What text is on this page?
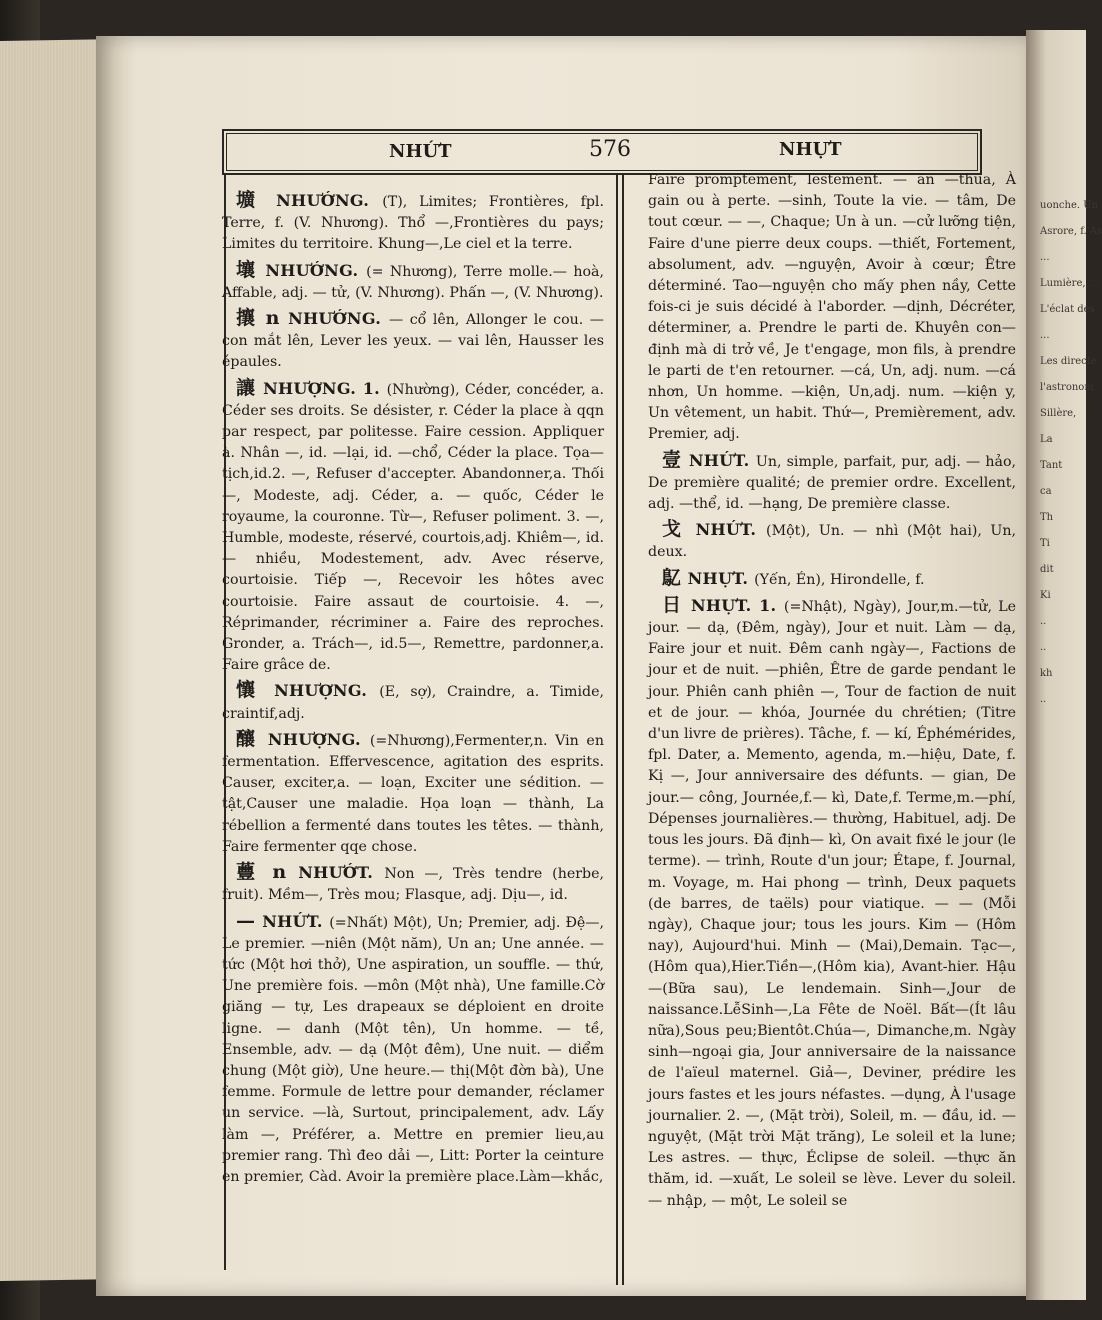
uonche. Un
Asrore, f. As
...
Lumière, ...
L'éclat des
...
Les directe
l'astronom
Sillère,
La
Tant
ca
Th
Ti
dit
Ki
..
..
kh
..
NHỨT	576	NHỰT

壙 NHƯỚNG. (T), Limites; Frontières, fpl. Terre, f. (V. Nhương). Thổ —,Frontières du pays; Limites du territoire. Khung—,Le ciel et la terre.

壤 NHƯỚNG. (= Nhương), Terre molle.— hoà, Affable, adj. — tử, (V. Nhương). Phấn —, (V. Nhương).

攘 n NHƯỚNG. — cổ lên, Allonger le cou. — con mắt lên, Lever les yeux. — vai lên, Hausser les épaules.

讓 NHƯỢNG. 1. (Nhường), Céder, concéder, a. Céder ses droits. Se désister, r. Céder la place à qqn par respect, par politesse. Faire cession. Appliquer à. Nhân —, id. —lại, id. —chổ, Céder la place. Tọa— tịch,id.2. —, Refuser d'accepter. Abandonner,a. Thối—, Modeste, adj. Céder, a. — quốc, Céder le royaume, la couronne. Từ—, Refuser poliment. 3. —, Humble, modeste, réservé, courtois,adj. Khiêm—, id. — nhiều, Modestement, adv. Avec réserve, courtoisie. Tiếp —, Recevoir les hôtes avec courtoisie. Faire assaut de courtoisie. 4. —, Réprimander, récriminer a. Faire des reproches. Gronder, a. Trách—, id.5—, Remettre, pardonner,a. Faire grâce de.

懹 NHƯỢNG. (E, sợ), Craindre, a. Timide, craintif,adj.

釀 NHƯỢNG. (=Nhương),Fermenter,n. Vin en fermentation. Effervescence, agitation des esprits. Causer, exciter,a. — loạn, Exciter une sédition. —tật,Causer une maladie. Họa loạn — thành, La rébellion a fermenté dans toutes les têtes. — thành, Faire fermenter qqe chose.

蘴 n NHƯỚT. Non —, Très tendre (herbe, fruit). Mềm—, Très mou; Flasque, adj. Dịu—, id.

— NHỨT. (=Nhất) Một), Un; Premier, adj. Đệ—, Le premier. —niên (Một năm), Un an; Une année. — tức (Một hơi thở), Une aspiration, un souffle. — thứ, Une première fois. —môn (Một nhà), Une famille.Cờ giăng — tự, Les drapeaux se déploient en droite ligne. — danh (Một tên), Un homme. — tề, Ensemble, adv. — dạ (Một đêm), Une nuit. — diểm chung (Một giờ), Une heure.— thị(Một đờn bà), Une femme. Formule de lettre pour demander, réclamer un service. —là, Surtout, principalement, adv. Lấy làm —, Préférer, a. Mettre en premier lieu,au premier rang. Thì đeo dải —, Litt: Porter la ceinture en premier, Càd. Avoir la première place.Làm—khắc,

Faire promptement, lestement. — ăn —thua, À gain ou à perte. —sinh, Toute la vie. — tâm, De tout cœur. — —, Chaque; Un à un. —cử lưỡng tiện, Faire d'une pierre deux coups. —thiết, Fortement, absolument, adv. —nguyện, Avoir à cœur; Être déterminé. Tao—nguyện cho mấy phen nầy, Cette fois-ci je suis décidé à l'aborder. —dịnh, Décréter, déterminer, a. Prendre le parti de. Khuyên con—định mà di trở về, Je t'engage, mon fils, à prendre le parti de t'en retourner. —cá, Un, adj. num. —cá nhơn, Un homme. —kiện, Un,adj. num. —kiện y, Un vêtement, un habit. Thứ—, Premièrement, adv. Premier, adj.

壹 NHỨT. Un, simple, parfait, pur, adj. — hảo, De première qualité; de premier ordre. Excellent, adj. —thể, id. —hạng, De première classe.

戈 NHỨT. (Một), Un. — nhì (Một hai), Un, deux.

鳦 NHỰT. (Yến, Én), Hirondelle, f.

日 NHỰT. 1. (=Nhật), Ngày), Jour,m.—tử, Le jour. — dạ, (Đêm, ngày), Jour et nuit. Làm — dạ, Faire jour et nuit. Đêm canh ngày—, Factions de jour et de nuit. —phiên, Être de garde pendant le jour. Phiên canh phiên —, Tour de faction de nuit et de jour. — khóa, Journée du chrétien; (Titre d'un livre de prières). Tâche, f. — kí, Éphémérides, fpl. Dater, a. Memento, agenda, m.—hiệu, Date, f. Kị —, Jour anniversaire des défunts. — gian, De jour.— công, Journée,f.— kì, Date,f. Terme,m.—phí, Dépenses journalières.— thường, Habituel, adj. De tous les jours. Đã định— kì, On avait fixé le jour (le terme). — trình, Route d'un jour; Étape, f. Journal, m. Voyage, m. Hai phong — trình, Deux paquets (de barres, de taëls) pour viatique. — — (Mỗi ngày), Chaque jour; tous les jours. Kim — (Hôm nay), Aujourd'hui. Minh — (Mai),Demain. Tạc—,(Hôm qua),Hier.Tiền—,(Hôm kia), Avant-hier. Hậu—(Bữa sau), Le lendemain. Sinh—,Jour de naissance.LễSinh—,La Fête de Noël. Bất—(Ít lâu nữa),Sous peu;Bientôt.Chúa—, Dimanche,m. Ngày sinh—ngoại gia, Jour anniversaire de la naissance de l'aïeul maternel. Giả—, Deviner, prédire les jours fastes et les jours néfastes. —dụng, À l'usage journalier. 2. —, (Mặt trời), Soleil, m. — đầu, id. — nguyệt, (Mặt trời Mặt trăng), Le soleil et la lune; Les astres. — thực, Éclipse de soleil. —thực ăn thăm, id. —xuất, Le soleil se lève. Lever du soleil. — nhập, — một, Le soleil se
